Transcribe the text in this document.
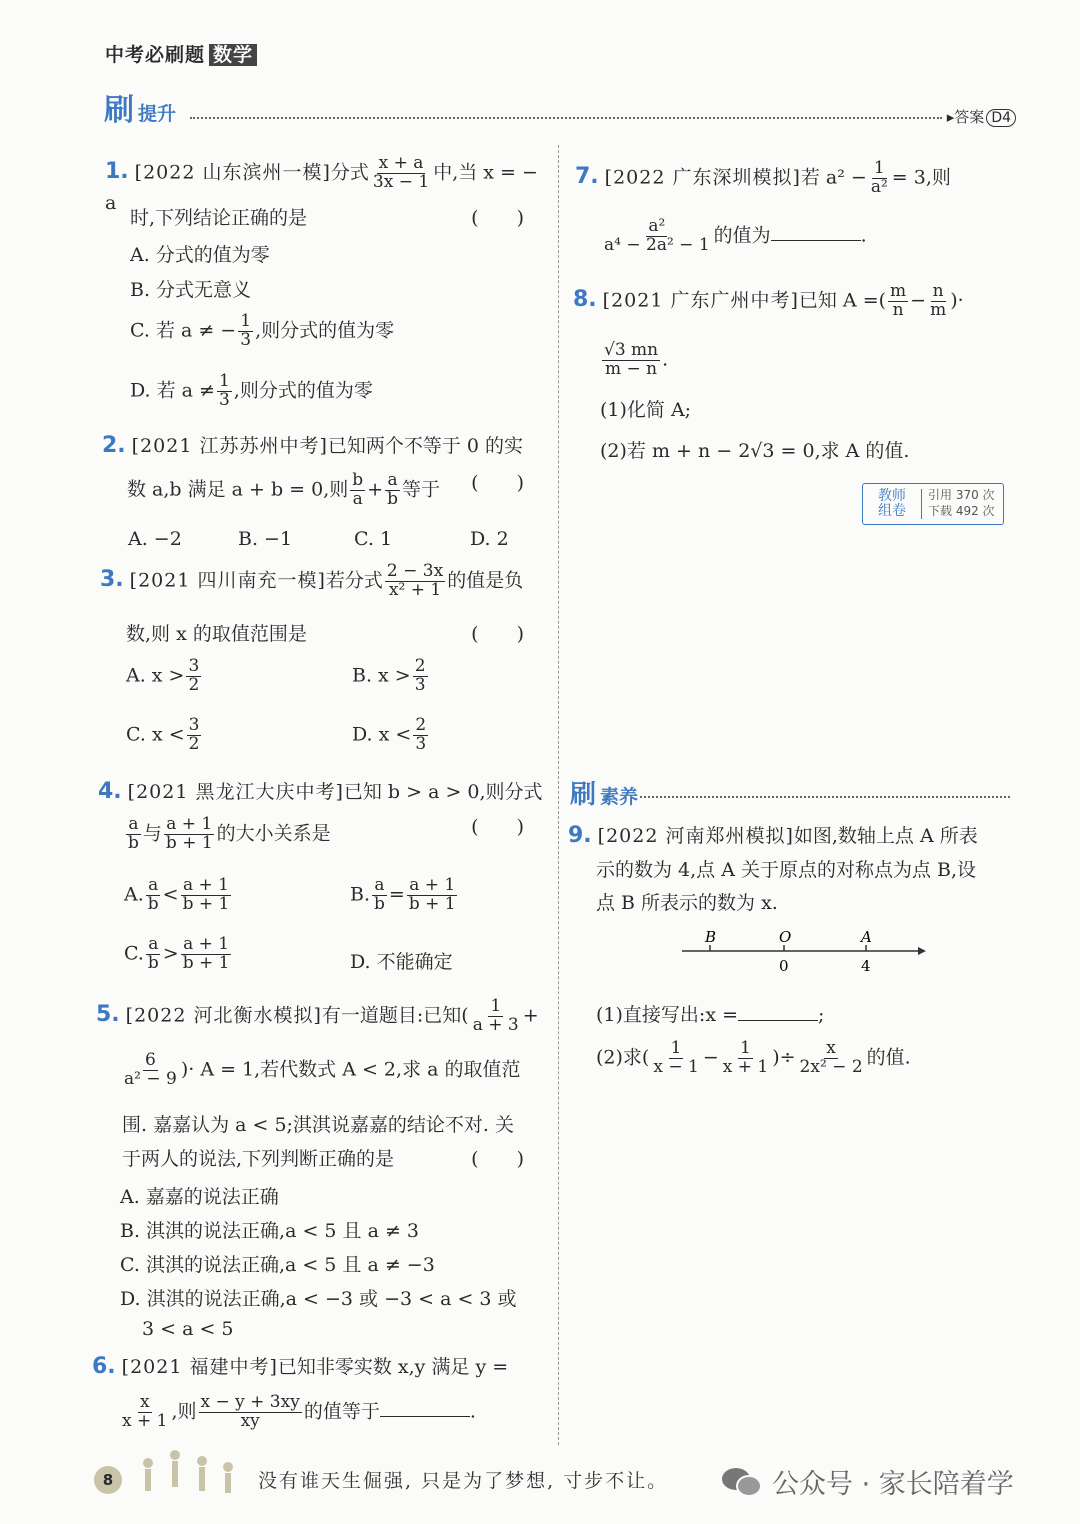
中考必刷题 数学
刷提升	▸答案 D4
1. [2022 山东滨州一模]分式 $\frac{x + a}{3x - 1}$ 中,当 x = − a
时,下列结论正确的是	(　　)
A. 分式的值为零
B. 分式无意义
C. 若 a ≠ − $\frac{1}{3}$ ,则分式的值为零
D. 若 $a \ne \frac{1}{3}$ ,则分式的值为零
2. [2021 江苏苏州中考]已知两个不等于 0 的实
数 a,b 满足 a + b = 0,则 $\frac{b}{a} + \frac{a}{b}$ 等于 (　　)
A. −2	B. −1	C. 1	D. 2
3. [2021 四川南充一模]若分式 $\frac{2 - 3x}{\text{x² + 1}}$ 的值是负
数,则 x 的取值范围是	(　　)
A. $x > \frac{3}{2}$	B. $x > \frac{2}{3}$
C. $x < \frac{3}{2}$	D. $x < \frac{2}{3}$
4. [2021 黑龙江大庆中考]已知 b > a > 0,则分式
$\frac{a}{b}$ 与 $\frac{a + 1}{b + 1}$ 的大小关系是	(　　)
A. $\frac{a}{b} < \frac{a + 1}{b + 1}$	B. $\frac{a}{b} = \frac{a + 1}{b + 1}$
C. $\frac{a}{b} > \frac{a + 1}{b + 1}$	D. 不能确定
5. [2022 河北衡水模拟]有一道题目:已知( $\frac{1}{a + 3}$ +
$\frac{6}{\text{a² − 9}}$ )· A = 1,若代数式 A < 2,求 a 的取值范
围. 嘉嘉认为 a < 5;淇淇说嘉嘉的结论不对. 关
于两人的说法,下列判断正确的是	(　　)
A. 嘉嘉的说法正确
B. 淇淇的说法正确,a < 5 且 a ≠ 3
C. 淇淇的说法正确,a < 5 且 a ≠ −3
D. 淇淇的说法正确,a < −3 或 −3 < a < 3 或
3 < a < 5
6. [2021 福建中考]已知非零实数 x,y 满足 y =
$\frac{x}{x + 1}$ ,则 $\frac{x - y + 3xy}{xy}$ 的值等于	.
7. [2022 广东深圳模拟]若 $a^2 - \frac{1}{\text{a²}} = 3$,则
$\frac{\text{a²}}{\text{a⁴ − 2a² − 1}}$ 的值为	.
8. [2021 广东广州中考]已知 A =( $\frac{m}{n} - \frac{n}{m}$ )·
$\frac{√3 mn}{m - n}$ .
(1)化简 A;
(2)若 m + n − 2√3 = 0,求 A 的值.
教师
组卷
引用 370 次
下载 492 次
刷 素养
9. [2022 河南郑州模拟]如图,数轴上点 A 所表
示的数为 4,点 A 关于原点的对称点为点 B,设
点 B 所表示的数为 x.
B	O	A
0	4
(1)直接写出:x =	;
(2)求( $\frac{1}{x - 1} - \frac{1}{x + 1}$ )÷ $\frac{x}{\text{2x² − 2}}$ 的值.
8	没有谁天生倔强, 只是为了梦想, 寸步不让。	公众号 · 家长陪着学
